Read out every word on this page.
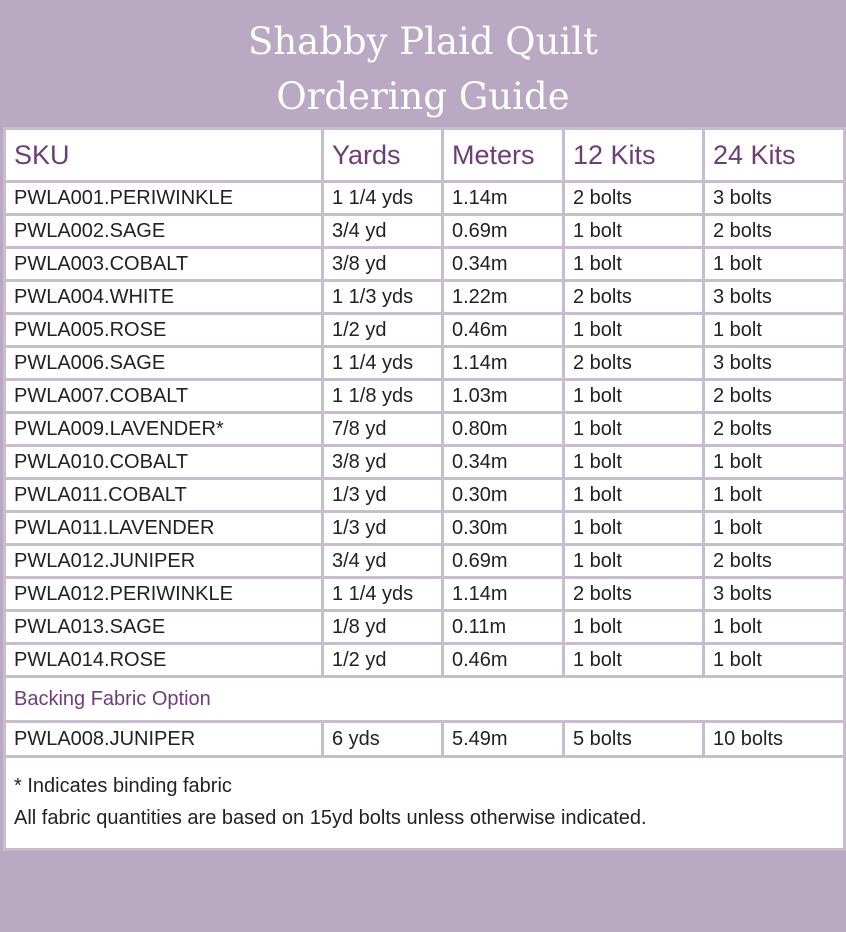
Shabby Plaid Quilt
Ordering Guide
SKU	Yards	Meters	12 Kits	24 Kits
PWLA001.PERIWINKLE	1 1/4 yds	1.14m	2 bolts	3 bolts
PWLA002.SAGE	3/4 yd	0.69m	1 bolt	2 bolts
PWLA003.COBALT	3/8 yd	0.34m	1 bolt	1 bolt
PWLA004.WHITE	1 1/3 yds	1.22m	2 bolts	3 bolts
PWLA005.ROSE	1/2 yd	0.46m	1 bolt	1 bolt
PWLA006.SAGE	1 1/4 yds	1.14m	2 bolts	3 bolts
PWLA007.COBALT	1 1/8 yds	1.03m	1 bolt	2 bolts
PWLA009.LAVENDER*	7/8 yd	0.80m	1 bolt	2 bolts
PWLA010.COBALT	3/8 yd	0.34m	1 bolt	1 bolt
PWLA011.COBALT	1/3 yd	0.30m	1 bolt	1 bolt
PWLA011.LAVENDER	1/3 yd	0.30m	1 bolt	1 bolt
PWLA012.JUNIPER	3/4 yd	0.69m	1 bolt	2 bolts
PWLA012.PERIWINKLE	1 1/4 yds	1.14m	2 bolts	3 bolts
PWLA013.SAGE	1/8 yd	0.11m	1 bolt	1 bolt
PWLA014.ROSE	1/2 yd	0.46m	1 bolt	1 bolt
Backing Fabric Option				
PWLA008.JUNIPER	6 yds	5.49m	5 bolts	10 bolts

* Indicates binding fabric
All fabric quantities are based on 15yd bolts unless otherwise indicated.				
